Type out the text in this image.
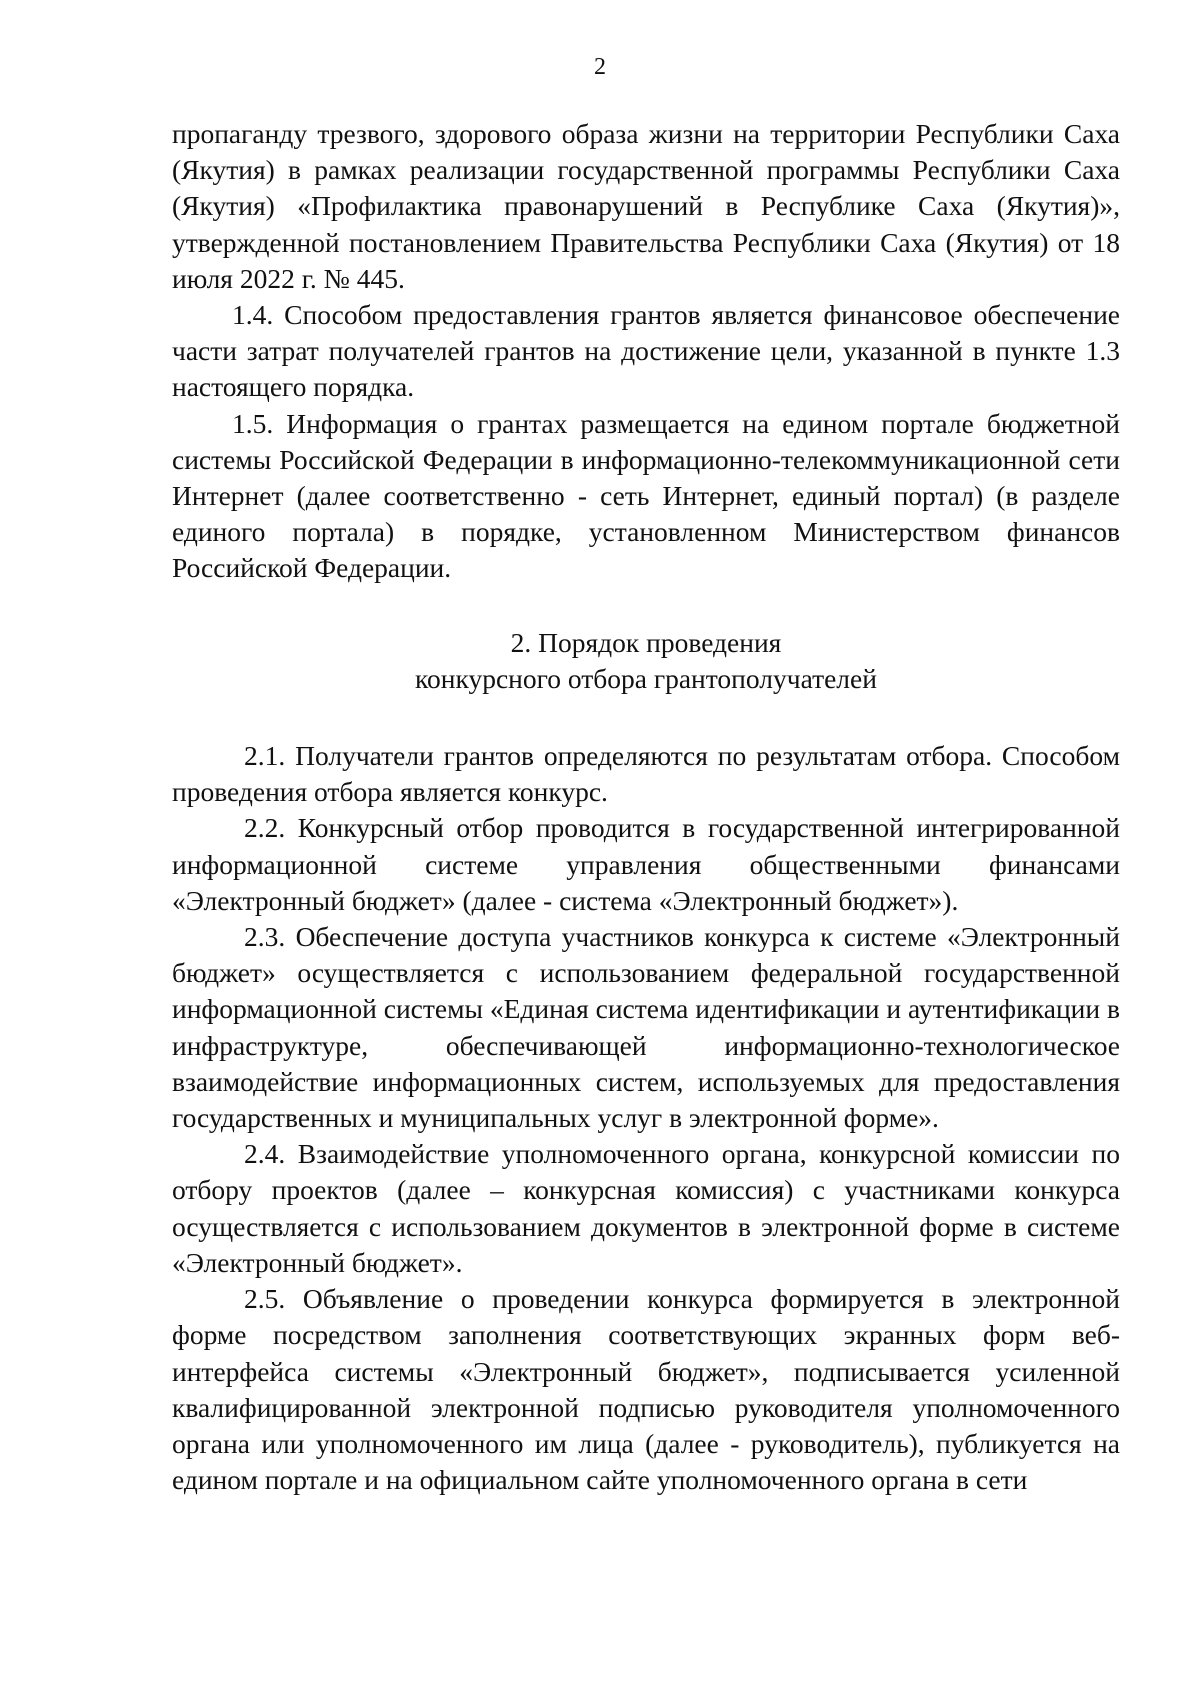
2

пропаганду трезвого, здорового образа жизни на территории Республики Саха (Якутия) в рамках реализации государственной программы Республики Саха (Якутия) «Профилактика правонарушений в Республике Саха (Якутия)», утвержденной постановлением Правительства Республики Саха (Якутия) от 18 июля 2022 г. № 445.

1.4. Способом предоставления грантов является финансовое обеспечение части затрат получателей грантов на достижение цели, указанной в пункте 1.3 настоящего порядка.

1.5. Информация о грантах размещается на едином портале бюджетной системы Российской Федерации в информационно-телекоммуникационной сети Интернет (далее соответственно - сеть Интернет, единый портал) (в разделе единого портала) в порядке, установленном Министерством финансов Российской Федерации.

2. Порядок проведения
конкурсного отбора грантополучателей

2.1. Получатели грантов определяются по результатам отбора. Способом проведения отбора является конкурс.

2.2. Конкурсный отбор проводится в государственной интегрированной информационной системе управления общественными финансами «Электронный бюджет» (далее - система «Электронный бюджет»).

2.3. Обеспечение доступа участников конкурса к системе «Электронный бюджет» осуществляется с использованием федеральной государственной информационной системы «Единая система идентификации и аутентификации в инфраструктуре, обеспечивающей информационно-технологическое взаимодействие информационных систем, используемых для предоставления государственных и муниципальных услуг в электронной форме».

2.4. Взаимодействие уполномоченного органа, конкурсной комиссии по отбору проектов (далее – конкурсная комиссия) с участниками конкурса осуществляется с использованием документов в электронной форме в системе «Электронный бюджет».

2.5. Объявление о проведении конкурса формируется в электронной форме посредством заполнения соответствующих экранных форм веб-интерфейса системы «Электронный бюджет», подписывается усиленной квалифицированной электронной подписью руководителя уполномоченного органа или уполномоченного им лица (далее - руководитель), публикуется на едином портале и на официальном сайте уполномоченного органа в сети
